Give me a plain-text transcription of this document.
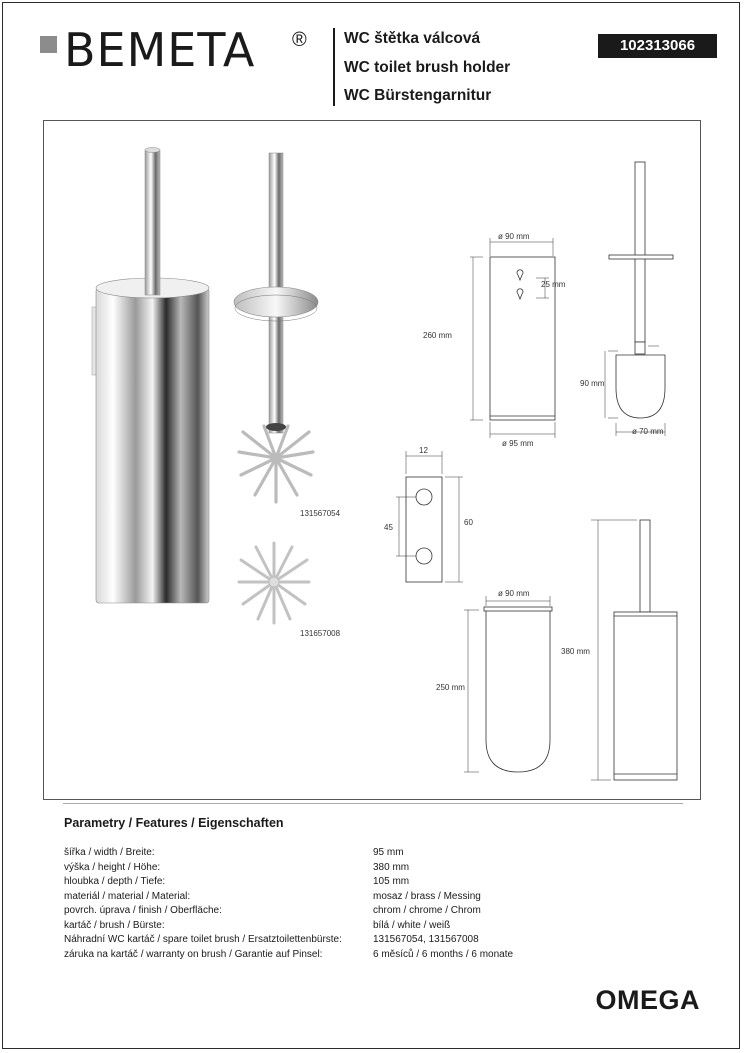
BEMETA ® WC štětka válcová
WC toilet brush holder
WC Bürstengarnitur
102313066
131567054
131657008
ø 90 mm
25 mm
260 mm
ø 95 mm
90 mm
ø 70 mm
12
45
60
ø 90 mm
250 mm
380 mm
Parametry / Features / Eigenschaften
šířka / width / Breite:	95 mm
výška / height / Höhe:	380 mm
hloubka / depth / Tiefe:	105 mm
materiál / material / Material:	mosaz / brass / Messing
povrch. úprava / finish / Oberfläche:	chrom / chrome / Chrom
kartáč / brush / Bürste:	bílá / white / weiß
Náhradní WC kartáč / spare toilet brush / Ersatztoilettenbürste:	131567054, 131567008
záruka na kartáč / warranty on brush / Garantie auf Pinsel:	6 měsíců / 6 months / 6 monate
OMEGA
